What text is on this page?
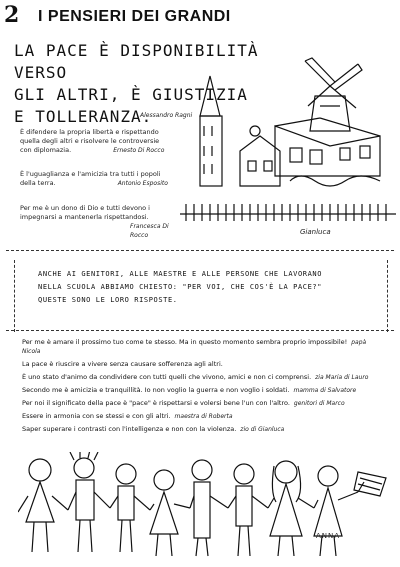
2 I PENSIERI DEI GRANDI
LA PACE È DISPONIBILITÀ VERSO
GLI ALTRI, È GIUSTIZIA
E TOLLERANZA.
Alessandro Ragni
È difendere la propria libertà e rispettando
quella degli altri e risolvere le controversie
con diplomazia.	Ernesto Di Rocco
È l'uguaglianza e l'amicizia tra tutti i popoli
della terra.	Antonio Esposito
Per me è un dono di Dio e tutti devono i
impegnarsi a mantenerla rispettandosi.
Francesca Di Rocco	Gianluca
ANCHE AI GENITORI, ALLE MAESTRE E ALLE PERSONE CHE LAVORANO
NELLA SCUOLA ABBIAMO CHIESTO: "PER VOI, CHE COS'È LA PACE?"
QUESTE SONO LE LORO RISPOSTE.

Per me è amare il prossimo tuo come te stesso. Ma in questo momento sembra proprio impossibile! papà Nicola

La pace è riuscire a vivere senza causare sofferenza agli altri.

È uno stato d'animo da condividere con tutti quelli che vivono, amici e non ci comprensi. zia Maria di Lauro

Secondo me è amicizia e tranquillità. Io non voglio la guerra e non voglio i soldati. mamma di Salvatore

Per noi il significato della pace è "pace" è rispettarsi e volersi bene l'un con l'altro. genitori di Marco

Essere in armonia con se stessi e con gli altri. maestra di Roberta

Saper superare i contrasti con l'intelligenza e non con la violenza. zio di Gianluca

ANNA
